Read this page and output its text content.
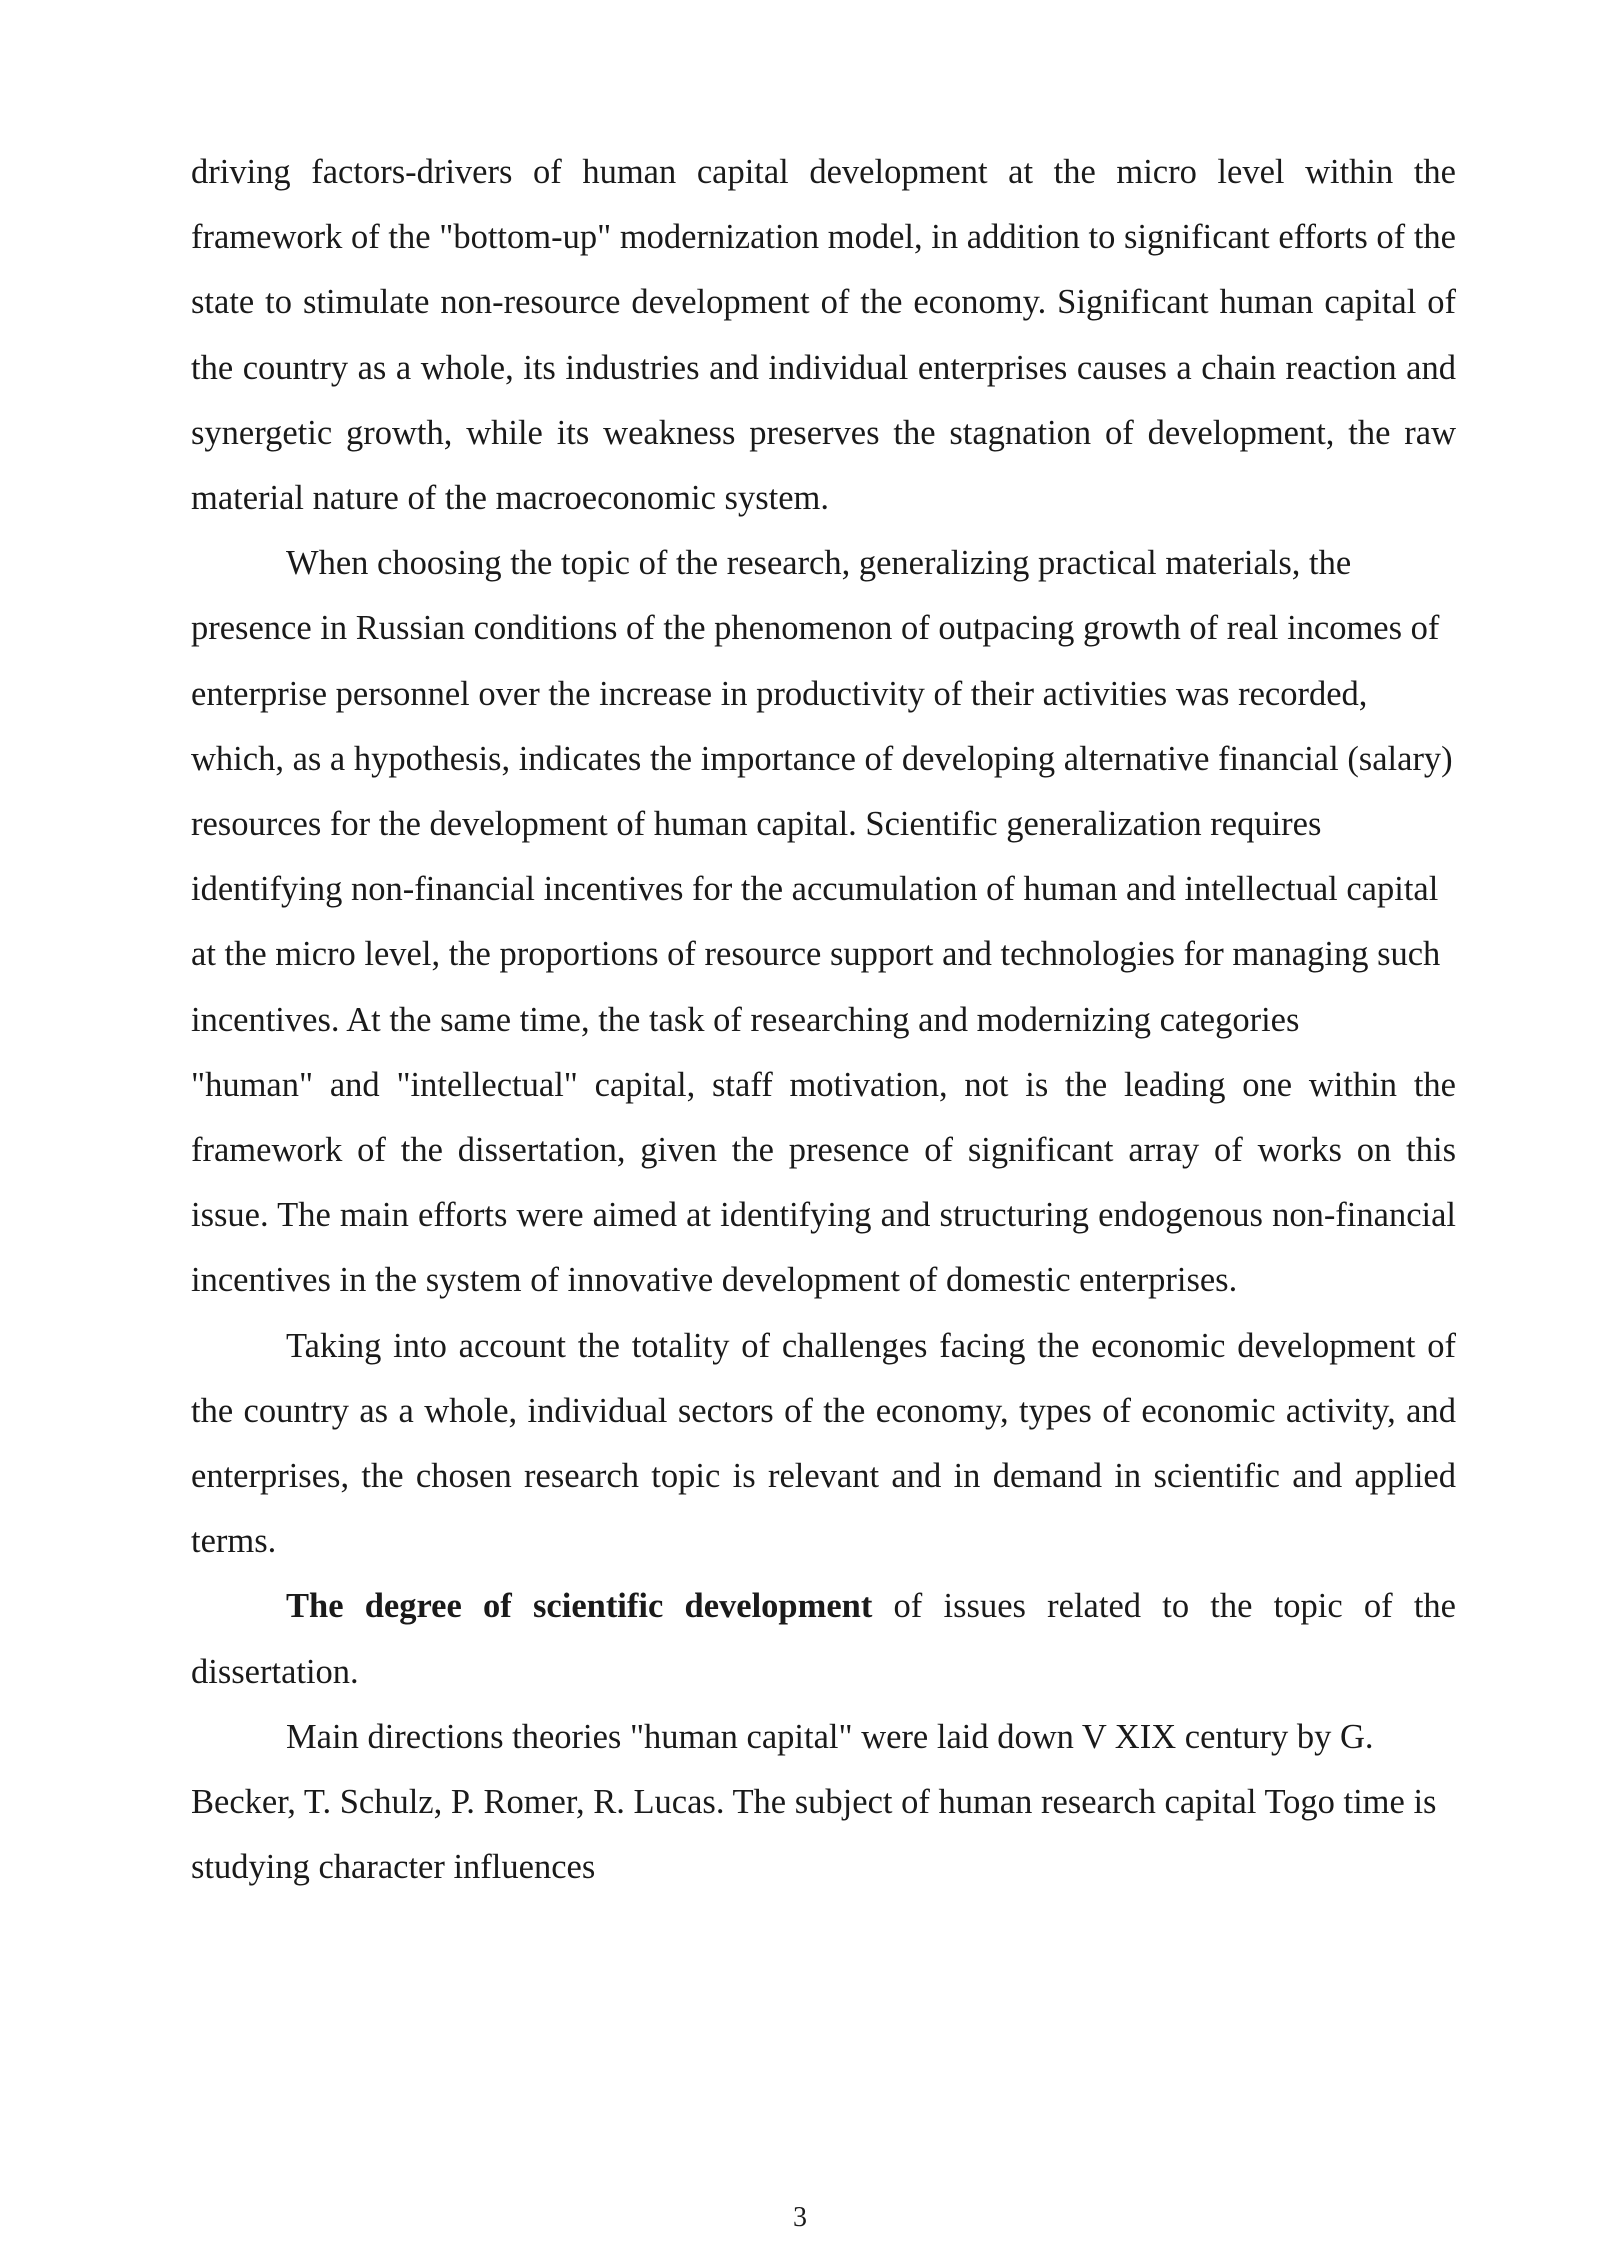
driving factors-drivers of human capital development at the micro level within the framework of the "bottom-up" modernization model, in addition to significant efforts of the state to stimulate non-resource development of the economy. Significant human capital of the country as a whole, its industries and individual enterprises causes a chain reaction and synergetic growth, while its weakness preserves the stagnation of development, the raw material nature of the macroeconomic system.

When choosing the topic of the research, generalizing practical materials, the presence in Russian conditions of the phenomenon of outpacing growth of real incomes of enterprise personnel over the increase in productivity of their activities was recorded, which, as a hypothesis, indicates the importance of developing alternative financial (salary) resources for the development of human capital. Scientific generalization requires identifying non-financial incentives for the accumulation of human and intellectual capital at the micro level, the proportions of resource support and technologies for managing such incentives. At the same time, the task of researching and modernizing categories

"human" and "intellectual" capital, staff motivation, not is the leading one within the framework of the dissertation, given the presence of significant array of works on this issue. The main efforts were aimed at identifying and structuring endogenous non-financial incentives in the system of innovative development of domestic enterprises.

Taking into account the totality of challenges facing the economic development of the country as a whole, individual sectors of the economy, types of economic activity, and enterprises, the chosen research topic is relevant and in demand in scientific and applied terms.

The degree of scientific development of issues related to the topic of the dissertation.

Main directions theories "human capital" were laid down V XIX century by G. Becker, T. Schulz, P. Romer, R. Lucas. The subject of human research capital Togo time is studying character influences

3
